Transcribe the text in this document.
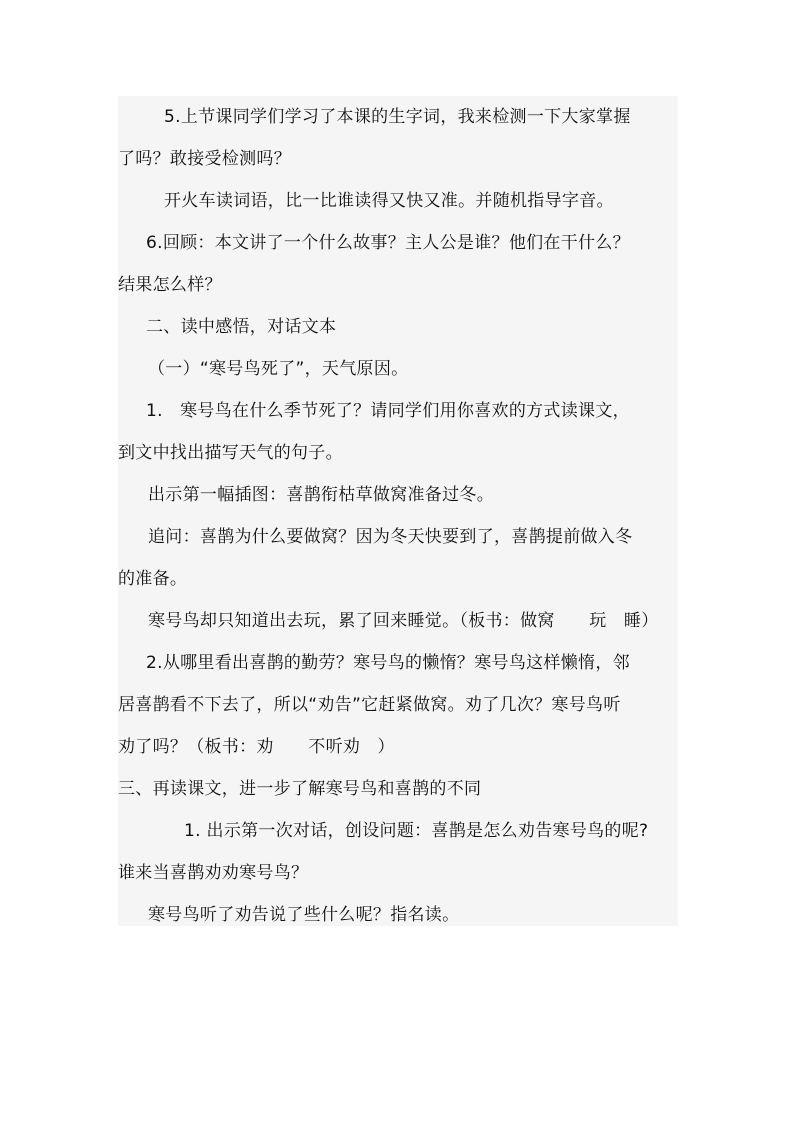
5.上节课同学们学习了本课的生字词，我来检测一下大家掌握
了吗？敢接受检测吗？
开火车读词语，比一比谁读得又快又准。并随机指导字音。
6.回顾：本文讲了一个什么故事？主人公是谁？他们在干什么？
结果怎么样？
二、读中感悟，对话文本
（一）“寒号鸟死了”，天气原因。
1.　寒号鸟在什么季节死了？请同学们用你喜欢的方式读课文，
到文中找出描写天气的句子。
出示第一幅插图：喜鹊衔枯草做窝准备过冬。
追问：喜鹊为什么要做窝？因为冬天快要到了，喜鹊提前做入冬
的准备。
寒号鸟却只知道出去玩，累了回来睡觉。（板书：做窝　　玩　睡）
2.从哪里看出喜鹊的勤劳？寒号鸟的懒惰？寒号鸟这样懒惰，邻
居喜鹊看不下去了，所以“劝告”它赶紧做窝。劝了几次？寒号鸟听
劝了吗？（板书：劝　　不听劝　）
三、再读课文，进一步了解寒号鸟和喜鹊的不同
1. 出示第一次对话，创设问题：喜鹊是怎么劝告寒号鸟的呢?
谁来当喜鹊劝劝寒号鸟？
寒号鸟听了劝告说了些什么呢？指名读。
